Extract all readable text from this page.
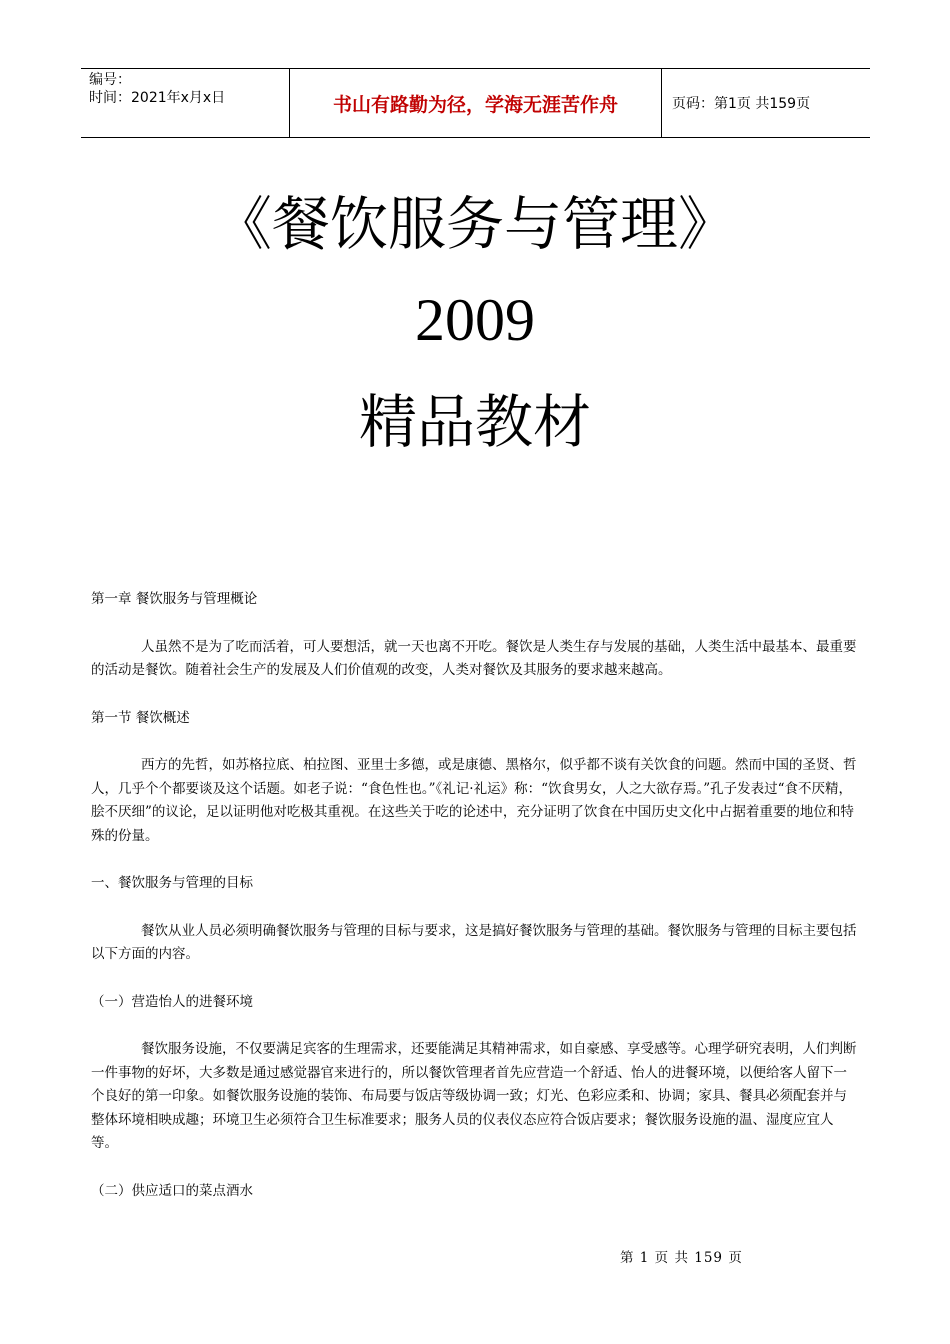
编号：
时间：2021年x月x日	书山有路勤为径，学海无涯苦作舟	页码：第1页 共159页
《餐饮服务与管理》
2009
精品教材

第一章 餐饮服务与管理概论

人虽然不是为了吃而活着，可人要想活，就一天也离不开吃。餐饮是人类生存与发展的基础，人类生活中最基本、最重要的活动是餐饮。随着社会生产的发展及人们价值观的改变，人类对餐饮及其服务的要求越来越高。

第一节 餐饮概述

西方的先哲，如苏格拉底、柏拉图、亚里士多德，或是康德、黑格尔，似乎都不谈有关饮食的问题。然而中国的圣贤、哲人，几乎个个都要谈及这个话题。如老子说：“食色性也。”《礼记·礼运》称：“饮食男女，人之大欲存焉。”孔子发表过“食不厌精，脍不厌细”的议论，足以证明他对吃极其重视。在这些关于吃的论述中，充分证明了饮食在中国历史文化中占据着重要的地位和特殊的份量。

一、餐饮服务与管理的目标

餐饮从业人员必须明确餐饮服务与管理的目标与要求，这是搞好餐饮服务与管理的基础。餐饮服务与管理的目标主要包括以下方面的内容。

（一）营造怡人的进餐环境

餐饮服务设施，不仅要满足宾客的生理需求，还要能满足其精神需求，如自豪感、享受感等。心理学研究表明，人们判断一件事物的好坏，大多数是通过感觉器官来进行的，所以餐饮管理者首先应营造一个舒适、怡人的进餐环境，以便给客人留下一个良好的第一印象。如餐饮服务设施的装饰、布局要与饭店等级协调一致；灯光、色彩应柔和、协调；家具、餐具必须配套并与整体环境相映成趣；环境卫生必须符合卫生标准要求；服务人员的仪表仪态应符合饭店要求；餐饮服务设施的温、湿度应宜人等。

（二）供应适口的菜点酒水

第 1 页 共 159 页
